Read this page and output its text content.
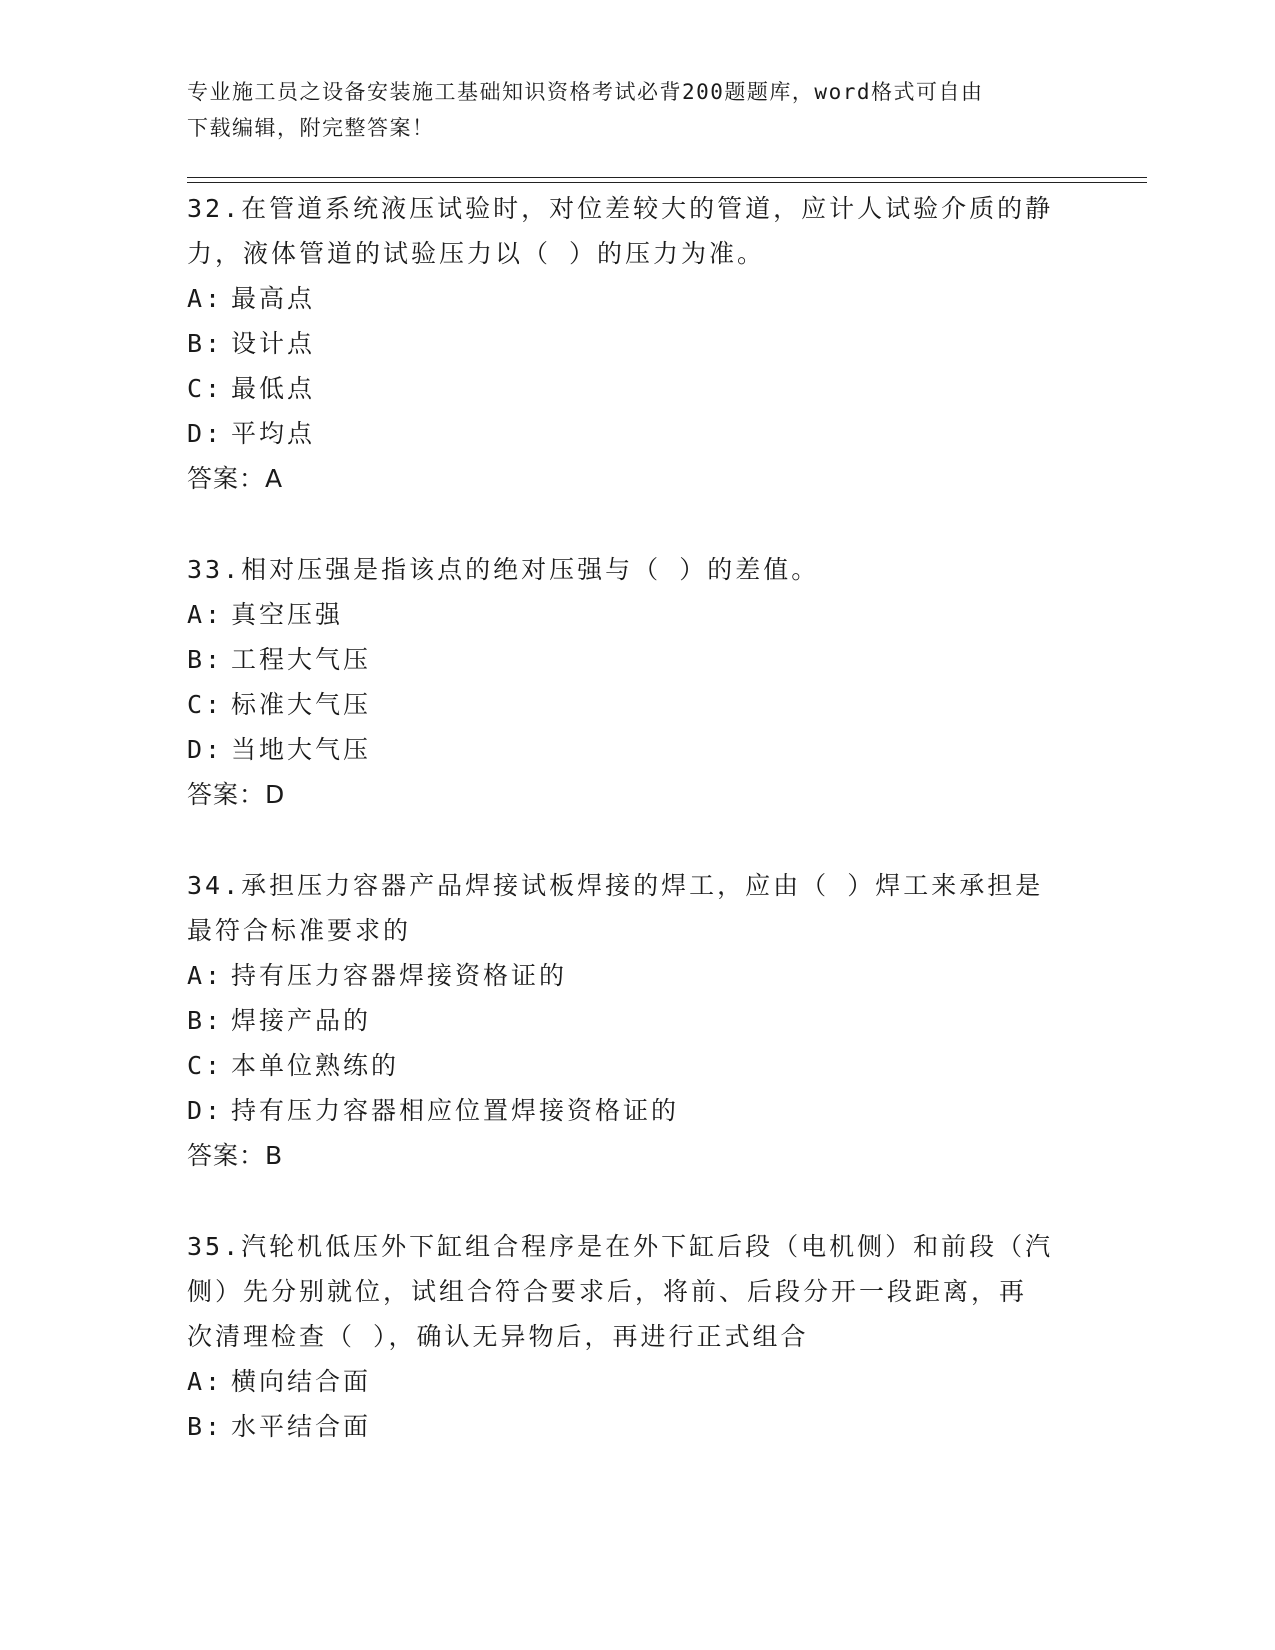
专业施工员之设备安装施工基础知识资格考试必背200题题库，word格式可自由
下载编辑，附完整答案！
32.在管道系统液压试验时，对位差较大的管道，应计人试验介质的静
力，液体管道的试验压力以（ ）的压力为准。
A: 最高点
B: 设计点
C: 最低点
D: 平均点
答案：A
33.相对压强是指该点的绝对压强与（ ）的差值。
A: 真空压强
B: 工程大气压
C: 标准大气压
D: 当地大气压
答案：D
34.承担压力容器产品焊接试板焊接的焊工，应由（ ）焊工来承担是
最符合标准要求的
A: 持有压力容器焊接资格证的
B: 焊接产品的
C: 本单位熟练的
D: 持有压力容器相应位置焊接资格证的
答案：B
35.汽轮机低压外下缸组合程序是在外下缸后段（电机侧）和前段（汽
侧）先分别就位，试组合符合要求后，将前、后段分开一段距离，再
次清理检查（ ），确认无异物后，再进行正式组合
A: 横向结合面
B: 水平结合面
